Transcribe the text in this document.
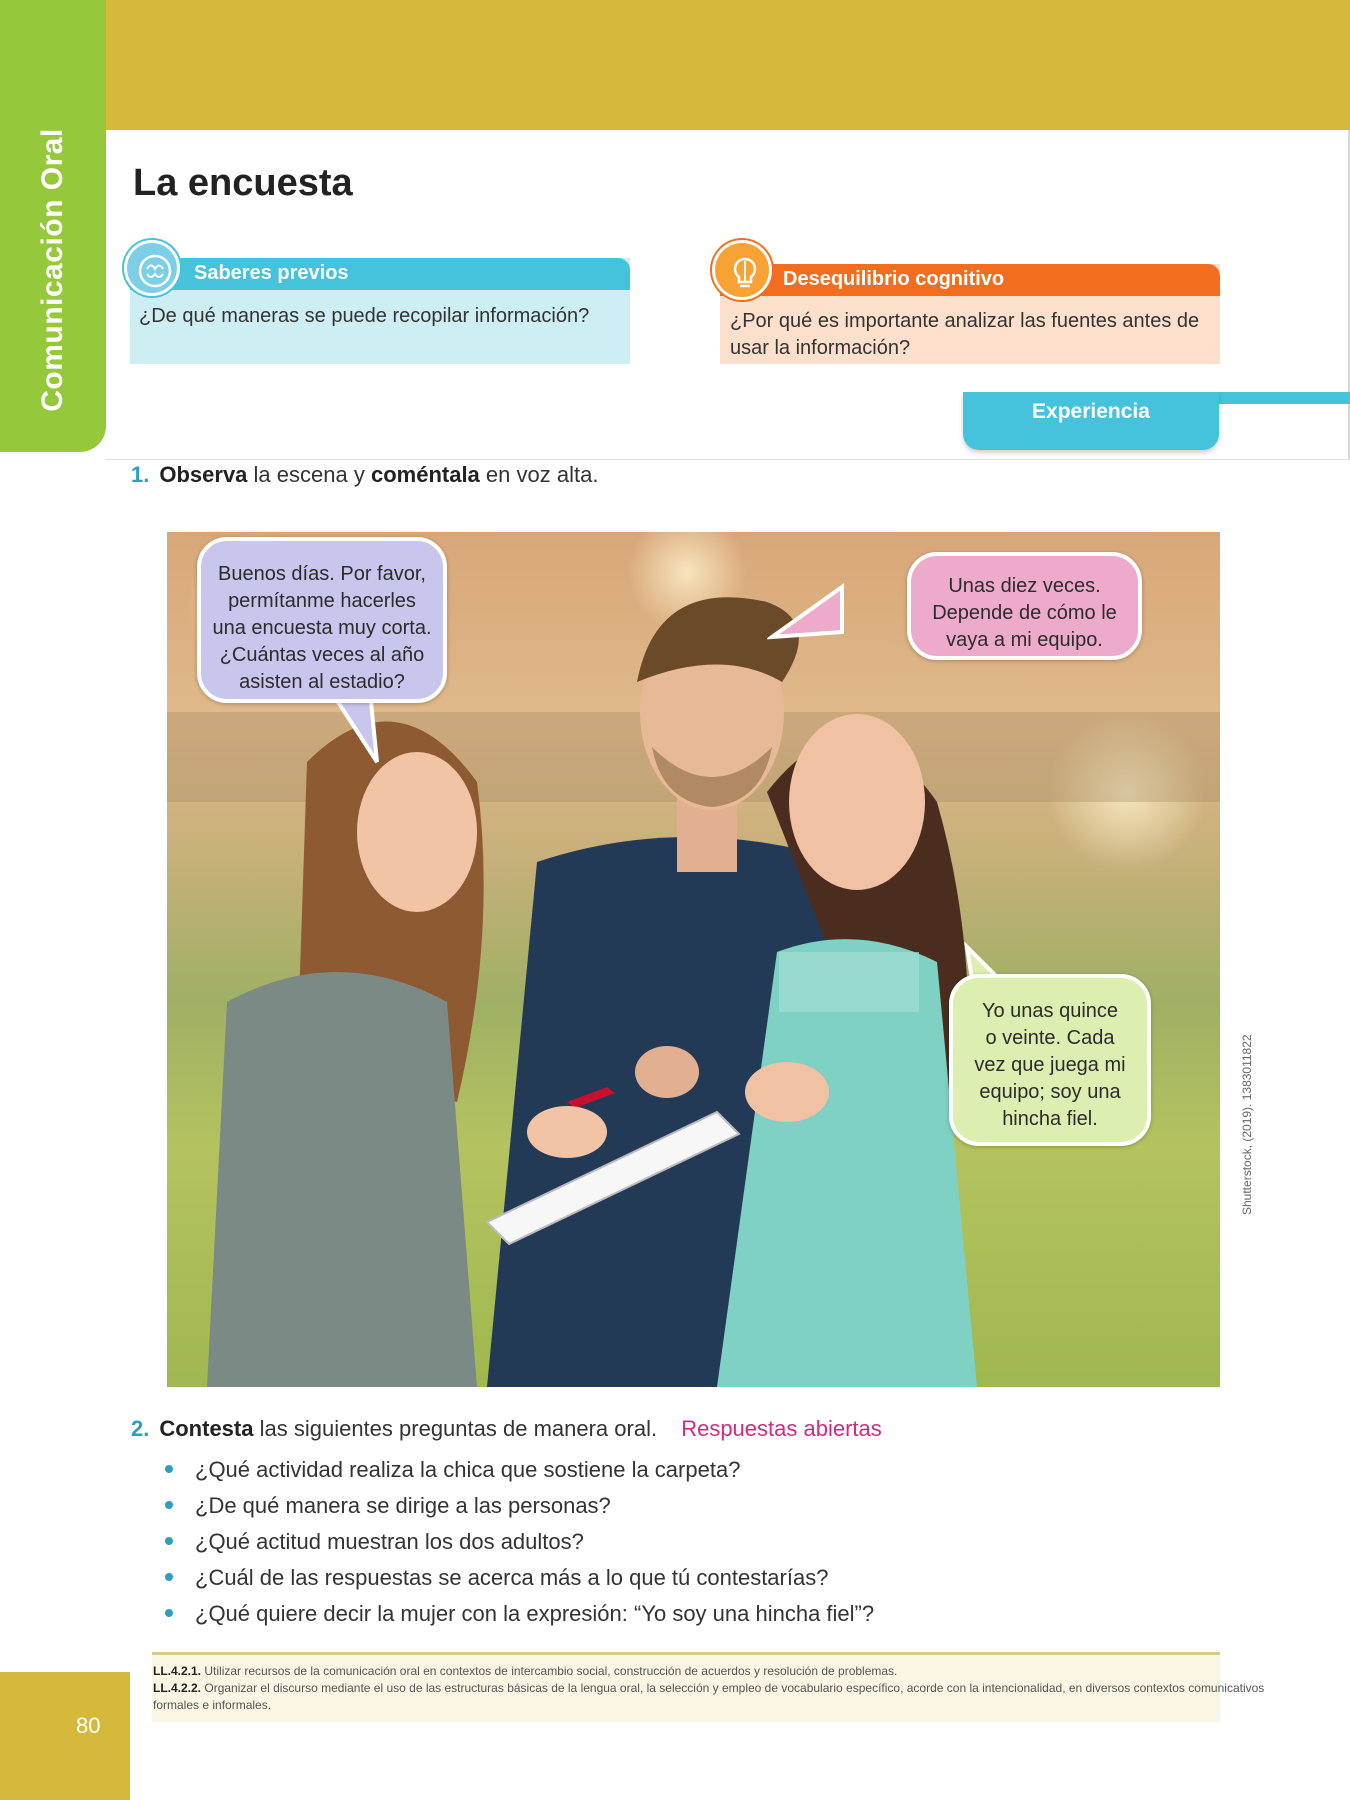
Comunicación Oral La encuesta
Saberes previos
¿De qué maneras se puede recopilar información?
Desequilibrio cognitivo
¿Por qué es importante analizar las fuentes antes de usar la información?
Experiencia
1. Observa la escena y coméntala en voz alta.
Buenos días. Por favor,
permítanme hacerles
una encuesta muy corta.
¿Cuántas veces al año
asisten al estadio?
Unas diez veces.
Depende de cómo le
vaya a mi equipo.
Yo unas quince
o veinte. Cada
vez que juega mi
equipo; soy una
hincha fiel.	Shutterstock, (2019). 1383011822
2. Contesta las siguientes preguntas de manera oral. Respuestas abiertas
¿Qué actividad realiza la chica que sostiene la carpeta?
¿De qué manera se dirige a las personas?
¿Qué actitud muestran los dos adultos?
¿Cuál de las respuestas se acerca más a lo que tú contestarías?
¿Qué quiere decir la mujer con la expresión: “Yo soy una hincha fiel”?
LL.4.2.1. Utilizar recursos de la comunicación oral en contextos de intercambio social, construcción de acuerdos y resolución de problemas.
LL.4.2.2. Organizar el discurso mediante el uso de las estructuras básicas de la lengua oral, la selección y empleo de vocabulario específico, acorde con la intencionalidad, en diversos contextos comunicativos
formales e informales.
80
